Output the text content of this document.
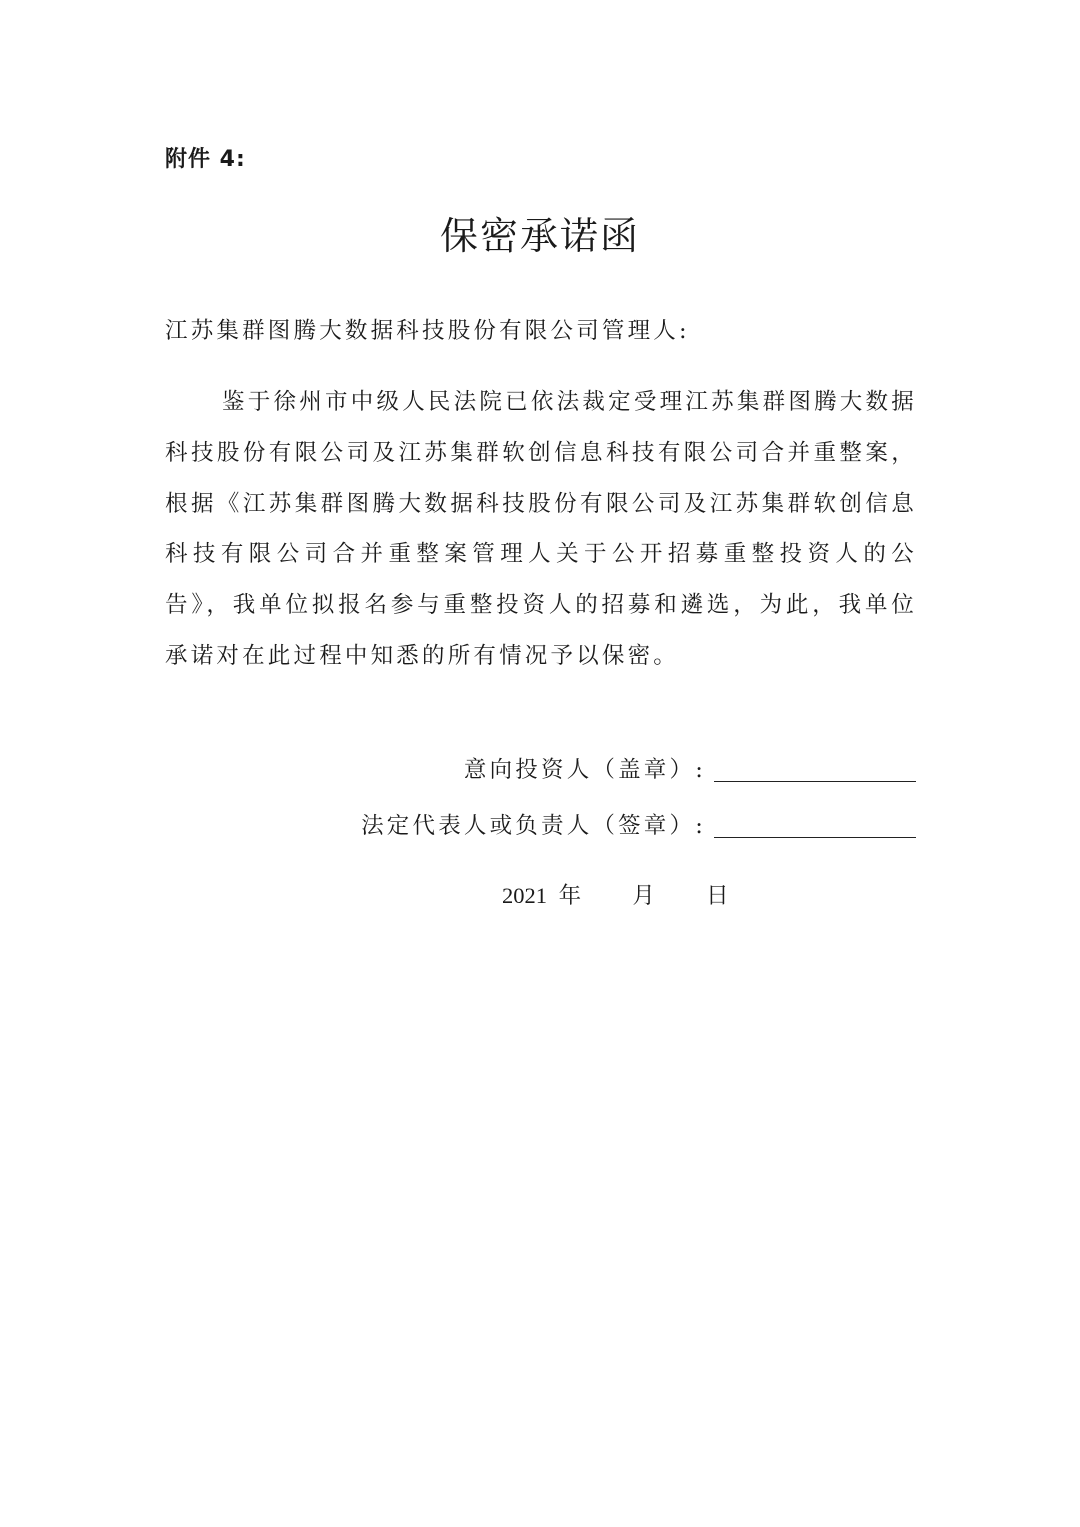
附件 4:
保密承诺函
江苏集群图腾大数据科技股份有限公司管理人:

鉴于徐州市中级人民法院已依法裁定受理江苏集群图腾大数据科技股份有限公司及江苏集群软创信息科技有限公司合并重整案，根据《江苏集群图腾大数据科技股份有限公司及江苏集群软创信息科技有限公司合并重整案管理人关于公开招募重整投资人的公告》，我单位拟报名参与重整投资人的招募和遴选，为此，我单位承诺对在此过程中知悉的所有情况予以保密。

意向投资人（盖章）:
法定代表人或负责人（签章）:
2021 年 月 日
